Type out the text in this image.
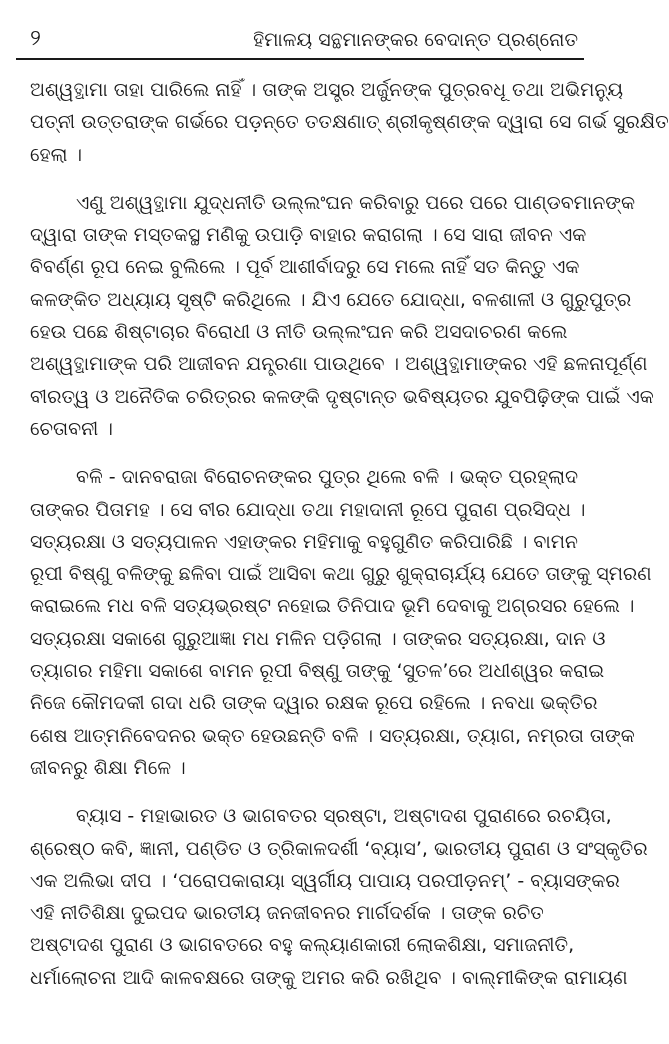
୨	ହିମାଳୟ ସନ୍ଥମାନଙ୍କର ବେଦାନ୍ତ ପ୍ରଶ୍ନୋତ

ଅଶ୍ୱତ୍ଥାମା ତାହା ପାରିଲେ ନାହିଁ । ତାଙ୍କ ଅସ୍ତ୍ର ଅର୍ଜୁନଙ୍କ ପୁତ୍ରବଧୂ ତଥା ଅଭିମନ୍ୟୁ
ପତ୍ନୀ ଉତ୍ତରାଙ୍କ ଗର୍ଭରେ ପଡ଼ନ୍ତେ ତତକ୍ଷଣାତ୍ ଶ୍ରୀକୃଷ୍ଣଙ୍କ ଦ୍ୱାରା ସେ ଗର୍ଭ ସୁରକ୍ଷିତ
ହେଲା ।

ଏଣୁ ଅଶ୍ୱତ୍ଥାମା ଯୁଦ୍ଧନୀତି ଉଲ୍ଲଂଘନ କରିବାରୁ ପରେ ପରେ ପାଣ୍ଡବମାନଙ୍କ
ଦ୍ୱାରା ତାଙ୍କ ମସ୍ତକସ୍ଥ ମଣିକୁ ଉପାଡ଼ି ବାହାର କରାଗଲା । ସେ ସାରା ଜୀବନ ଏକ
ବିବର୍ଣ୍ଣ ରୂପ ନେଇ ବୁଲିଲେ । ପୂର୍ବ ଆଶୀର୍ବାଦରୁ ସେ ମଲେ ନାହିଁ ସତ କିନ୍ତୁ ଏକ
କଳଙ୍କିତ ଅଧ୍ୟାୟ ସୃଷ୍ଟି କରିଥିଲେ । ଯିଏ ଯେତେ ଯୋଦ୍ଧା, ବଳଶାଳୀ ଓ ଗୁରୁପୁତ୍ର
ହେଉ ପଛେ ଶିଷ୍ଟାଚାର ବିରୋଧୀ ଓ ନୀତି ଉଲ୍ଲଂଘନ କରି ଅସଦାଚରଣ କଲେ
ଅଶ୍ୱତ୍ଥାମାଙ୍କ ପରି ଆଜୀବନ ଯନ୍ତ୍ରଣା ପାଉଥିବେ । ଅଶ୍ୱତ୍ଥାମାଙ୍କର ଏହି ଛଳନାପୂର୍ଣ୍ଣ
ବୀରତ୍ୱ ଓ ଅନୈତିକ ଚରିତ୍ରର କଳଙ୍କି ଦୃଷ୍ଟାନ୍ତ ଭବିଷ୍ୟତର ଯୁବପିଢ଼ିଙ୍କ ପାଇଁ ଏକ
ଚେତାବନୀ ।

ବଳି - ଦାନବରାଜା ବିରୋଚନଙ୍କର ପୁତ୍ର ଥିଲେ ବଳି । ଭକ୍ତ ପ୍ରହ୍ଲାଦ
ତାଙ୍କର ପିତାମହ । ସେ ବୀର ଯୋଦ୍ଧା ତଥା ମହାଦାନୀ ରୂପେ ପୁରାଣ ପ୍ରସିଦ୍ଧ ।
ସତ୍ୟରକ୍ଷା ଓ ସତ୍ୟପାଳନ ଏହାଙ୍କର ମହିମାକୁ ବହୁଗୁଣିତ କରିପାରିଛି । ବାମନ
ରୂପୀ ବିଷ୍ଣୁ ବଳିଙ୍କୁ ଛଳିବା ପାଇଁ ଆସିବା କଥା ଗୁରୁ ଶୁକ୍ରାଚାର୍ଯ୍ୟ ଯେତେ ତାଙ୍କୁ ସ୍ମରଣ
କରାଇଲେ ମଧ ବଳି ସତ୍ୟଭ୍ରଷ୍ଟ ନହୋଇ ତିନିପାଦ ଭୂମି ଦେବାକୁ ଅଗ୍ରସର ହେଲେ ।
ସତ୍ୟରକ୍ଷା ସକାଶେ ଗୁରୁଆଜ୍ଞା ମଧ ମଳିନ ପଡ଼ିଗଲା । ତାଙ୍କର ସତ୍ୟରକ୍ଷା, ଦାନ ଓ
ତ୍ୟାଗର ମହିମା ସକାଶେ ବାମନ ରୂପୀ ବିଷ୍ଣୁ ତାଙ୍କୁ ‘ସୁତଳ’ରେ ଅଧୀଶ୍ୱର କରାଇ
ନିଜେ କୌମଦକୀ ଗଦା ଧରି ତାଙ୍କ ଦ୍ୱାର ରକ୍ଷକ ରୂପେ ରହିଲେ । ନବଧା ଭକ୍ତିର
ଶେଷ ଆତ୍ମନିବେଦନର ଭକ୍ତ ହେଉଛନ୍ତି ବଳି । ସତ୍ୟରକ୍ଷା, ତ୍ୟାଗ, ନମ୍ରତା ତାଙ୍କ
ଜୀବନରୁ ଶିକ୍ଷା ମିଳେ ।

ବ୍ୟାସ - ମହାଭାରତ ଓ ଭାଗବତର ସ୍ରଷ୍ଟା, ଅଷ୍ଟାଦଶ ପୁରାଣରେ ରଚୟିତା,
ଶ୍ରେଷ୍ଠ କବି, ଜ୍ଞାନୀ, ପଣ୍ଡିତ ଓ ତ୍ରିକାଳଦର୍ଶୀ ‘ବ୍ୟାସ’, ଭାରତୀୟ ପୁରାଣ ଓ ସଂସ୍କୃତିର
ଏକ ଅଲିଭା ଦୀପ । ‘ପରୋପକାରାୟା ସ୍ୱର୍ଗୀୟ ପାପାୟ ପରପୀଡ଼ନମ୍’ - ବ୍ୟାସଙ୍କର
ଏହି ନୀତିଶିକ୍ଷା ଦୁଇପଦ ଭାରତୀୟ ଜନଜୀବନର ମାର୍ଗଦର୍ଶକ । ତାଙ୍କ ରଚିତ
ଅଷ୍ଟାଦଶ ପୁରାଣ ଓ ଭାଗବତରେ ବହୁ କଲ୍ୟାଣକାରୀ ଲୋକଶିକ୍ଷା, ସମାଜନୀତି,
ଧର୍ମାଲୋଚନା ଆଦି କାଳବକ୍ଷରେ ତାଙ୍କୁ ଅମର କରି ରଖିଥିବ । ବାଲ୍ମୀକିଙ୍କ ରାମାୟଣ
